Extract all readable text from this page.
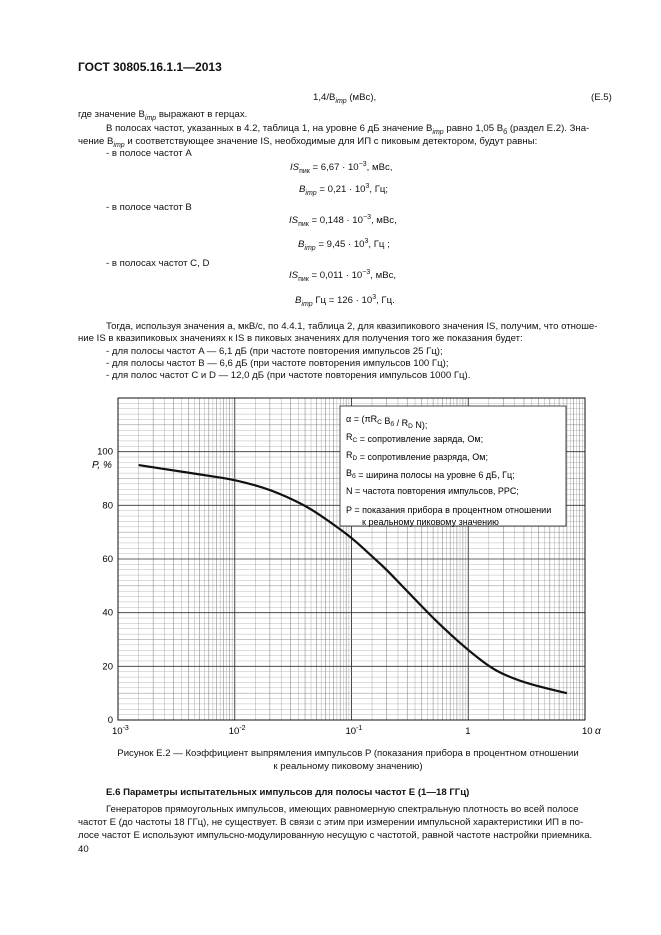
ГОСТ 30805.16.1.1—2013
$1,4/B_{imp}$ (мВс),	(E.5)
где значение $B_{imp}$ выражают в герцах.
В полосах частот, указанных в 4.2, таблица 1, на уровне 6 дБ значение $B_{imp}$ равно 1,05 $B_б$ (раздел Е.2). Зна-
чение $B_{imp}$ и соответствующее значение IS, необходимые для ИП с пиковым детектором, будут равны:
- в полосе частот A
$IS_{пик} = 6,67 \cdot 10^{-3}$, мВс,
$B_{imp} = 0,21 \cdot 10^3$, Гц;
- в полосе частот B
$IS_{пик} = 0,148 \cdot 10^{-3}$, мВс,
$B_{imp} = 9,45 \cdot 10^3$, Гц ;
- в полосах частот C, D
$IS_{пик} = 0,011 \cdot 10^{-3}$, мВс,
$B_{imp}$ Гц = $126 \cdot 10^3$, Гц.
Тогда, используя значения a, мкВ/с, по 4.4.1, таблица 2, для квазипикового значения IS, получим, что отноше-
ние IS в квазипиковых значениях к IS в пиковых значениях для получения того же показания будет:
- для полосы частот A — 6,1 дБ (при частоте повторения импульсов 25 Гц);
- для полосы частот B — 6,6 дБ (при частоте повторения импульсов 100 Гц);
- для полос частот C и D — 12,0 дБ (при частоте повторения импульсов 1000 Гц).
$\alpha = (\pi R_C$ $B_б / R_D$ N);
$R_C$ = сопротивление заряда, Ом;
$R_D$ = сопротивление разряда, Ом;
$B_б$ = ширина полосы на уровне 6 дБ, Гц;
N = частота повторения импульсов, PPC;
P = показания прибора в процентном отношении
к реальному пиковому значению
0
20
40
60
80
100
P, %
$10^{-3}$	$10^{-2}$	$10^{-1}$	1	10 α
Рисунок Е.2 — Коэффициент выпрямления импульсов P (показания прибора в процентном отношении
к реальному пиковому значению)
Е.6 Параметры испытательных импульсов для полосы частот Е (1—18 ГГц)
Генераторов прямоугольных импульсов, имеющих равномерную спектральную плотность во всей полосе
частот Е (до частоты 18 ГГц), не существует. В связи с этим при измерении импульсной характеристики ИП в по-
лосе частот Е используют импульсно-модулированную несущую с частотой, равной частоте настройки приемника.
40
